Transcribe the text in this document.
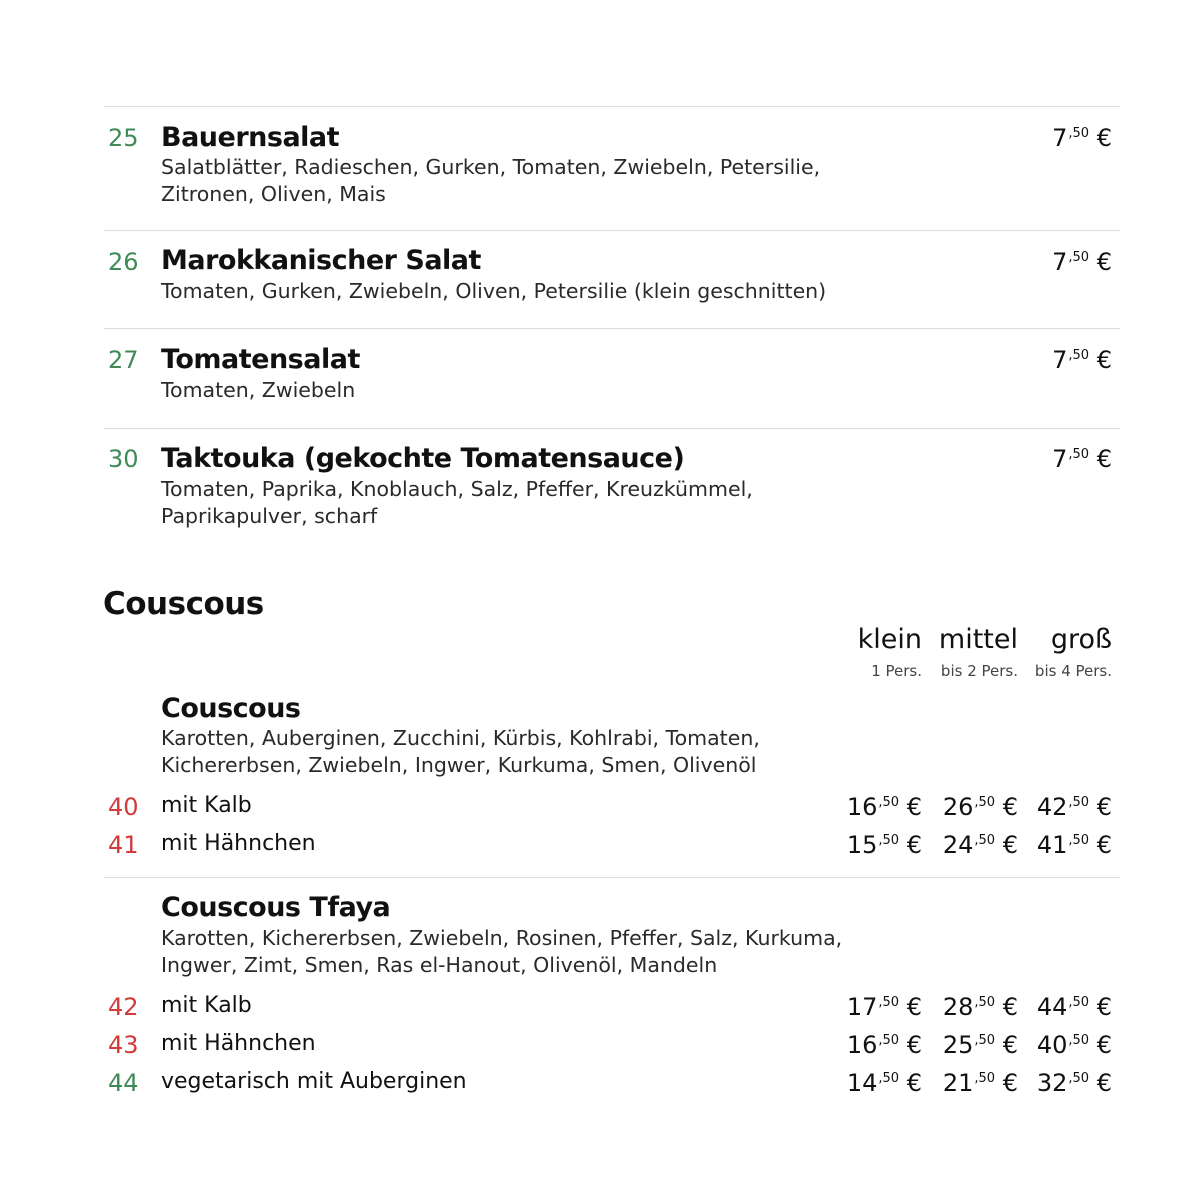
25 Bauernsalat
Salatblätter, Radieschen, Gurken, Tomaten, Zwiebeln, Petersilie,
Zitronen, Oliven, Mais
$7^{,50}$ €
26 Marokkanischer Salat
Tomaten, Gurken, Zwiebeln, Oliven, Petersilie (klein geschnitten)
$7^{,50}$ €
27 Tomatensalat
Tomaten, Zwiebeln
$7^{,50}$ €
30 Taktouka (gekochte Tomatensauce)
Tomaten, Paprika, Knoblauch, Salz, Pfeffer, Kreuzkümmel,
Paprikapulver, scharf
$7^{,50}$ €
Couscous
klein mittel groß
1 Pers. bis 2 Pers. bis 4 Pers.
Couscous
Karotten, Auberginen, Zucchini, Kürbis, Kohlrabi, Tomaten,
Kichererbsen, Zwiebeln, Ingwer, Kurkuma, Smen, Olivenöl
40	mit Kalb	$16^{,50}$ € $26^{,50}$ € $42^{,50}$ €
41	mit Hähnchen	$15^{,50}$ € $24^{,50}$ € $41^{,50}$ €
Couscous Tfaya
Karotten, Kichererbsen, Zwiebeln, Rosinen, Pfeffer, Salz, Kurkuma,
Ingwer, Zimt, Smen, Ras el-Hanout, Olivenöl, Mandeln
42	mit Kalb	$17^{,50}$ € $28^{,50}$ € $44^{,50}$ €
43	mit Hähnchen	$16^{,50}$ € $25^{,50}$ € $40^{,50}$ €
44	vegetarisch mit Auberginen	$14^{,50}$ € $21^{,50}$ € $32^{,50}$ €
